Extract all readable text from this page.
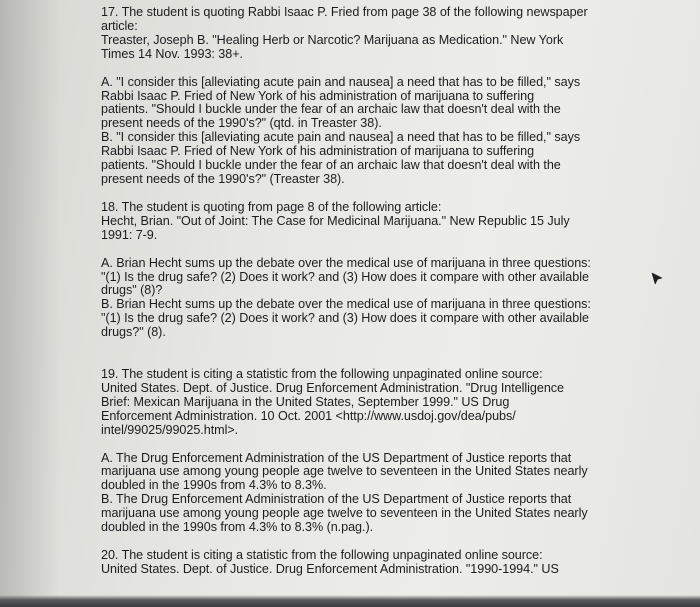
17. The student is quoting Rabbi Isaac P. Fried from page 38 of the following newspaper
article:
Treaster, Joseph B. "Healing Herb or Narcotic? Marijuana as Medication." New York
Times 14 Nov. 1993: 38+.
A. "I consider this [alleviating acute pain and nausea] a need that has to be filled," says
Rabbi Isaac P. Fried of New York of his administration of marijuana to suffering
patients. "Should I buckle under the fear of an archaic law that doesn't deal with the
present needs of the 1990's?" (qtd. in Treaster 38).
B. "I consider this [alleviating acute pain and nausea] a need that has to be filled," says
Rabbi Isaac P. Fried of New York of his administration of marijuana to suffering
patients. "Should I buckle under the fear of an archaic law that doesn't deal with the
present needs of the 1990's?" (Treaster 38).
18. The student is quoting from page 8 of the following article:
Hecht, Brian. "Out of Joint: The Case for Medicinal Marijuana." New Republic 15 July
1991: 7-9.
A. Brian Hecht sums up the debate over the medical use of marijuana in three questions:
"(1) Is the drug safe? (2) Does it work? and (3) How does it compare with other available
drugs" (8)?
B. Brian Hecht sums up the debate over the medical use of marijuana in three questions:
"(1) Is the drug safe? (2) Does it work? and (3) How does it compare with other available
drugs?" (8).
19. The student is citing a statistic from the following unpaginated online source:
United States. Dept. of Justice. Drug Enforcement Administration. "Drug Intelligence
Brief: Mexican Marijuana in the United States, September 1999." US Drug
Enforcement Administration. 10 Oct. 2001 <http://www.usdoj.gov/dea/pubs/
intel/99025/99025.html>.
A. The Drug Enforcement Administration of the US Department of Justice reports that
marijuana use among young people age twelve to seventeen in the United States nearly
doubled in the 1990s from 4.3% to 8.3%.
B. The Drug Enforcement Administration of the US Department of Justice reports that
marijuana use among young people age twelve to seventeen in the United States nearly
doubled in the 1990s from 4.3% to 8.3% (n.pag.).
20. The student is citing a statistic from the following unpaginated online source:
United States. Dept. of Justice. Drug Enforcement Administration. "1990-1994." US
